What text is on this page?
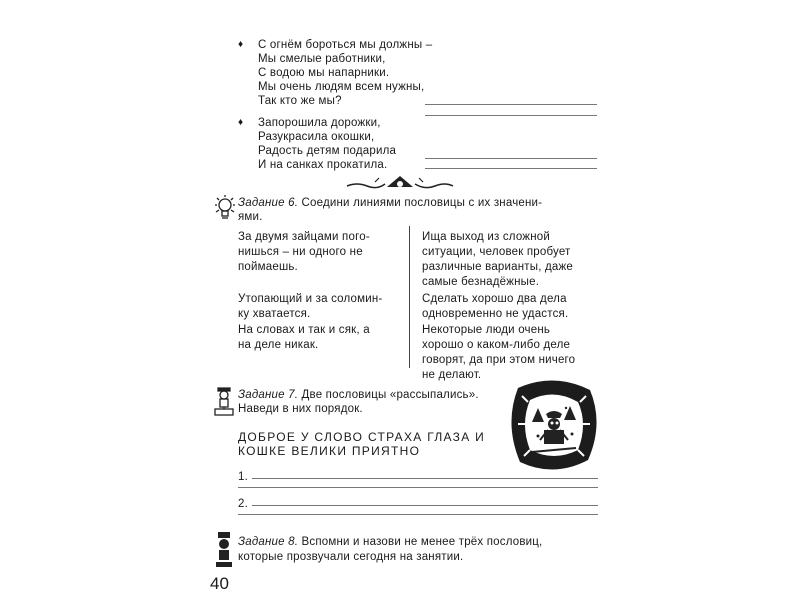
♦ С огнём бороться мы должны –
Мы смелые работники,
С водою мы напарники.
Мы очень людям всем нужны,
Так кто же мы?
♦ Запорошила дорожки,
Разукрасила окошки,
Радость детям подарила
И на санках прокатила.
Задание 6. Соедини линиями пословицы с их значени-
ями.
За двумя зайцами пого-
нишься – ни одного не
поймаешь.
Утопающий и за соломин-
ку хватается.
На словах и так и сяк, а
на деле никак.
Ища выход из сложной
ситуации, человек пробует
различные варианты, даже
самые безнадёжные.
Сделать хорошо два дела
одновременно не удастся.
Некоторые люди очень
хорошо о каком-либо деле
говорят, да при этом ничего
не делают.
Задание 7. Две пословицы «рассыпались».
Наведи в них порядок.
ДОБРОЕ У СЛОВО СТРАХА ГЛАЗА И
КОШКЕ ВЕЛИКИ ПРИЯТНО
1.
2.
Задание 8. Вспомни и назови не менее трёх пословиц,
которые прозвучали сегодня на занятии.
40
